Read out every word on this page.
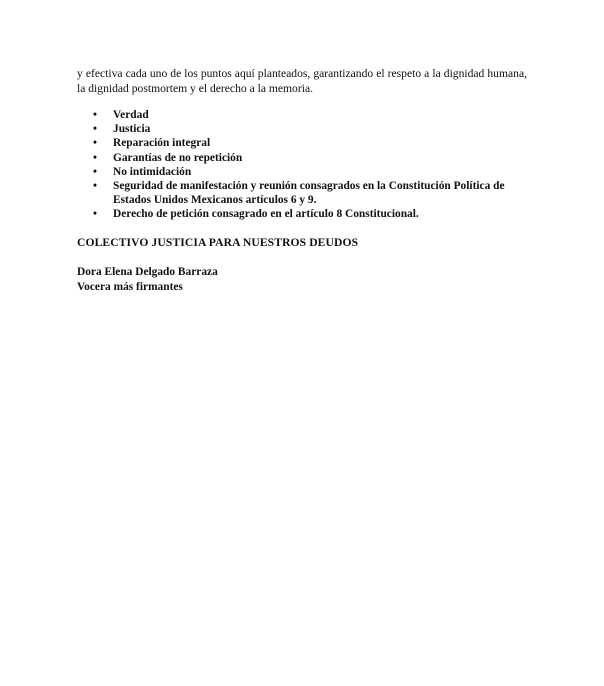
y efectiva cada uno de los puntos aquí planteados, garantizando el respeto a la dignidad humana, la dignidad postmortem y el derecho a la memoria.

• Verdad
• Justicia
• Reparación integral
• Garantías de no repetición
• No intimidación
• Seguridad de manifestación y reunión consagrados en la Constitución Política de Estados Unidos Mexicanos artículos 6 y 9.
• Derecho de petición consagrado en el artículo 8 Constitucional.

COLECTIVO JUSTICIA PARA NUESTROS DEUDOS

Dora Elena Delgado Barraza
Vocera más firmantes
